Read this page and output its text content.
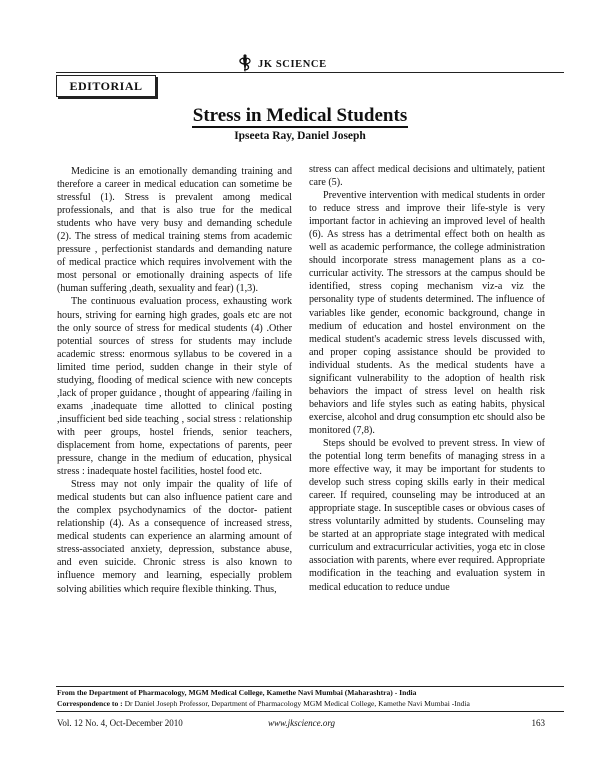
JK SCIENCE
EDITORIAL
Stress in Medical Students
Ipseeta Ray, Daniel Joseph

Medicine is an emotionally demanding training and therefore a career in medical education can sometime be stressful (1). Stress is prevalent among medical professionals, and that is also true for the medical students who have very busy and demanding schedule (2). The stress of medical training stems from academic pressure , perfectionist standards and demanding nature of medical practice which requires involvement with the most personal or emotionally draining aspects of life (human suffering ,death, sexuality and fear) (1,3).

The continuous evaluation process, exhausting work hours, striving for earning high grades, goals etc are not the only source of stress for medical students (4) .Other potential sources of stress for students may include academic stress: enormous syllabus to be covered in a limited time period, sudden change in their style of studying, flooding of medical science with new concepts ,lack of proper guidance , thought of appearing /failing in exams ,inadequate time allotted to clinical posting ,insufficient bed side teaching , social stress : relationship with peer groups, hostel friends, senior teachers, displacement from home, expectations of parents, peer pressure, change in the medium of education, physical stress : inadequate hostel facilities, hostel food etc.

Stress may not only impair the quality of life of medical students but can also influence patient care and the complex psychodynamics of the doctor- patient relationship (4). As a consequence of increased stress, medical students can experience an alarming amount of stress-associated anxiety, depression, substance abuse, and even suicide. Chronic stress is also known to influence memory and learning, especially problem solving abilities which require flexible thinking. Thus,

stress can affect medical decisions and ultimately, patient care (5).

Preventive intervention with medical students in order to reduce stress and improve their life-style is very important factor in achieving an improved level of health (6). As stress has a detrimental effect both on health as well as academic performance, the college administration should incorporate stress management plans as a co-curricular activity. The stressors at the campus should be identified, stress coping mechanism viz-a viz the personality type of students determined. The influence of variables like gender, economic background, change in medium of education and hostel environment on the medical student's academic stress levels discussed with, and proper coping assistance should be provided to individual students. As the medical students have a significant vulnerability to the adoption of health risk behaviors the impact of stress level on health risk behaviors and life styles such as eating habits, physical exercise, alcohol and drug consumption etc should also be monitored (7,8).

Steps should be evolved to prevent stress. In view of the potential long term benefits of managing stress in a more effective way, it may be important for students to develop such stress coping skills early in their medical career. If required, counseling may be introduced at an appropriate stage. In susceptible cases or obvious cases of stress voluntarily admitted by students. Counseling may be started at an appropriate stage integrated with medical curriculum and extracurricular activities, yoga etc in close association with parents, where ever required. Appropriate modification in the teaching and evaluation system in medical education to reduce undue

From the Department of Pharmacology, MGM Medical College, Kamethe Navi Mumbai (Maharashtra) - India
Correspondence to : Dr Daniel Joseph Professor, Department of Pharmacology MGM Medical College, Kamethe Navi Mumbai -India
Vol. 12 No. 4, Oct-December 2010	www.jkscience.org	163
